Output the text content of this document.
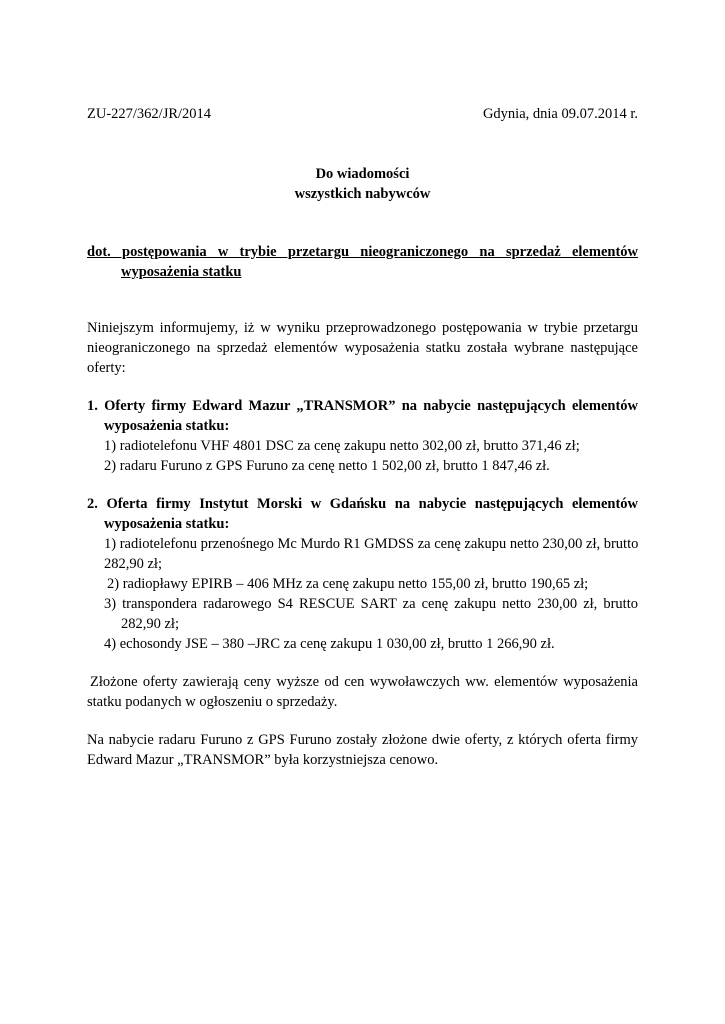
ZU-227/362/JR/2014	Gdynia, dnia 09.07.2014 r.
Do wiadomości
wszystkich nabywców
dot. postępowania w trybie przetargu nieograniczonego na sprzedaż elementów
wyposażenia statku
Niniejszym informujemy, iż w wyniku przeprowadzonego postępowania w trybie przetargu
nieograniczonego na sprzedaż elementów wyposażenia statku została wybrane następujące
oferty:
1. Oferty firmy Edward Mazur „TRANSMOR” na nabycie następujących elementów
wyposażenia statku:
1) radiotelefonu VHF 4801 DSC za cenę zakupu netto 302,00 zł, brutto 371,46 zł;
2) radaru Furuno z GPS Furuno za cenę netto 1 502,00 zł, brutto 1 847,46 zł.
2. Oferta firmy Instytut Morski w Gdańsku na nabycie następujących elementów
wyposażenia statku:
1) radiotelefonu przenośnego Mc Murdo R1 GMDSS za cenę zakupu netto 230,00 zł, brutto
282,90 zł;
2) radiopławy EPIRB – 406 MHz za cenę zakupu netto 155,00 zł, brutto 190,65 zł;
3) transpondera radarowego S4 RESCUE SART za cenę zakupu netto 230,00 zł, brutto
282,90 zł;
4) echosondy JSE – 380 –JRC za cenę zakupu 1 030,00 zł, brutto 1 266,90 zł.
Złożone oferty zawierają ceny wyższe od cen wywoławczych ww. elementów wyposażenia
statku podanych w ogłoszeniu o sprzedaży.
Na nabycie radaru Furuno z GPS Furuno zostały złożone dwie oferty, z których oferta firmy
Edward Mazur „TRANSMOR” była korzystniejsza cenowo.
